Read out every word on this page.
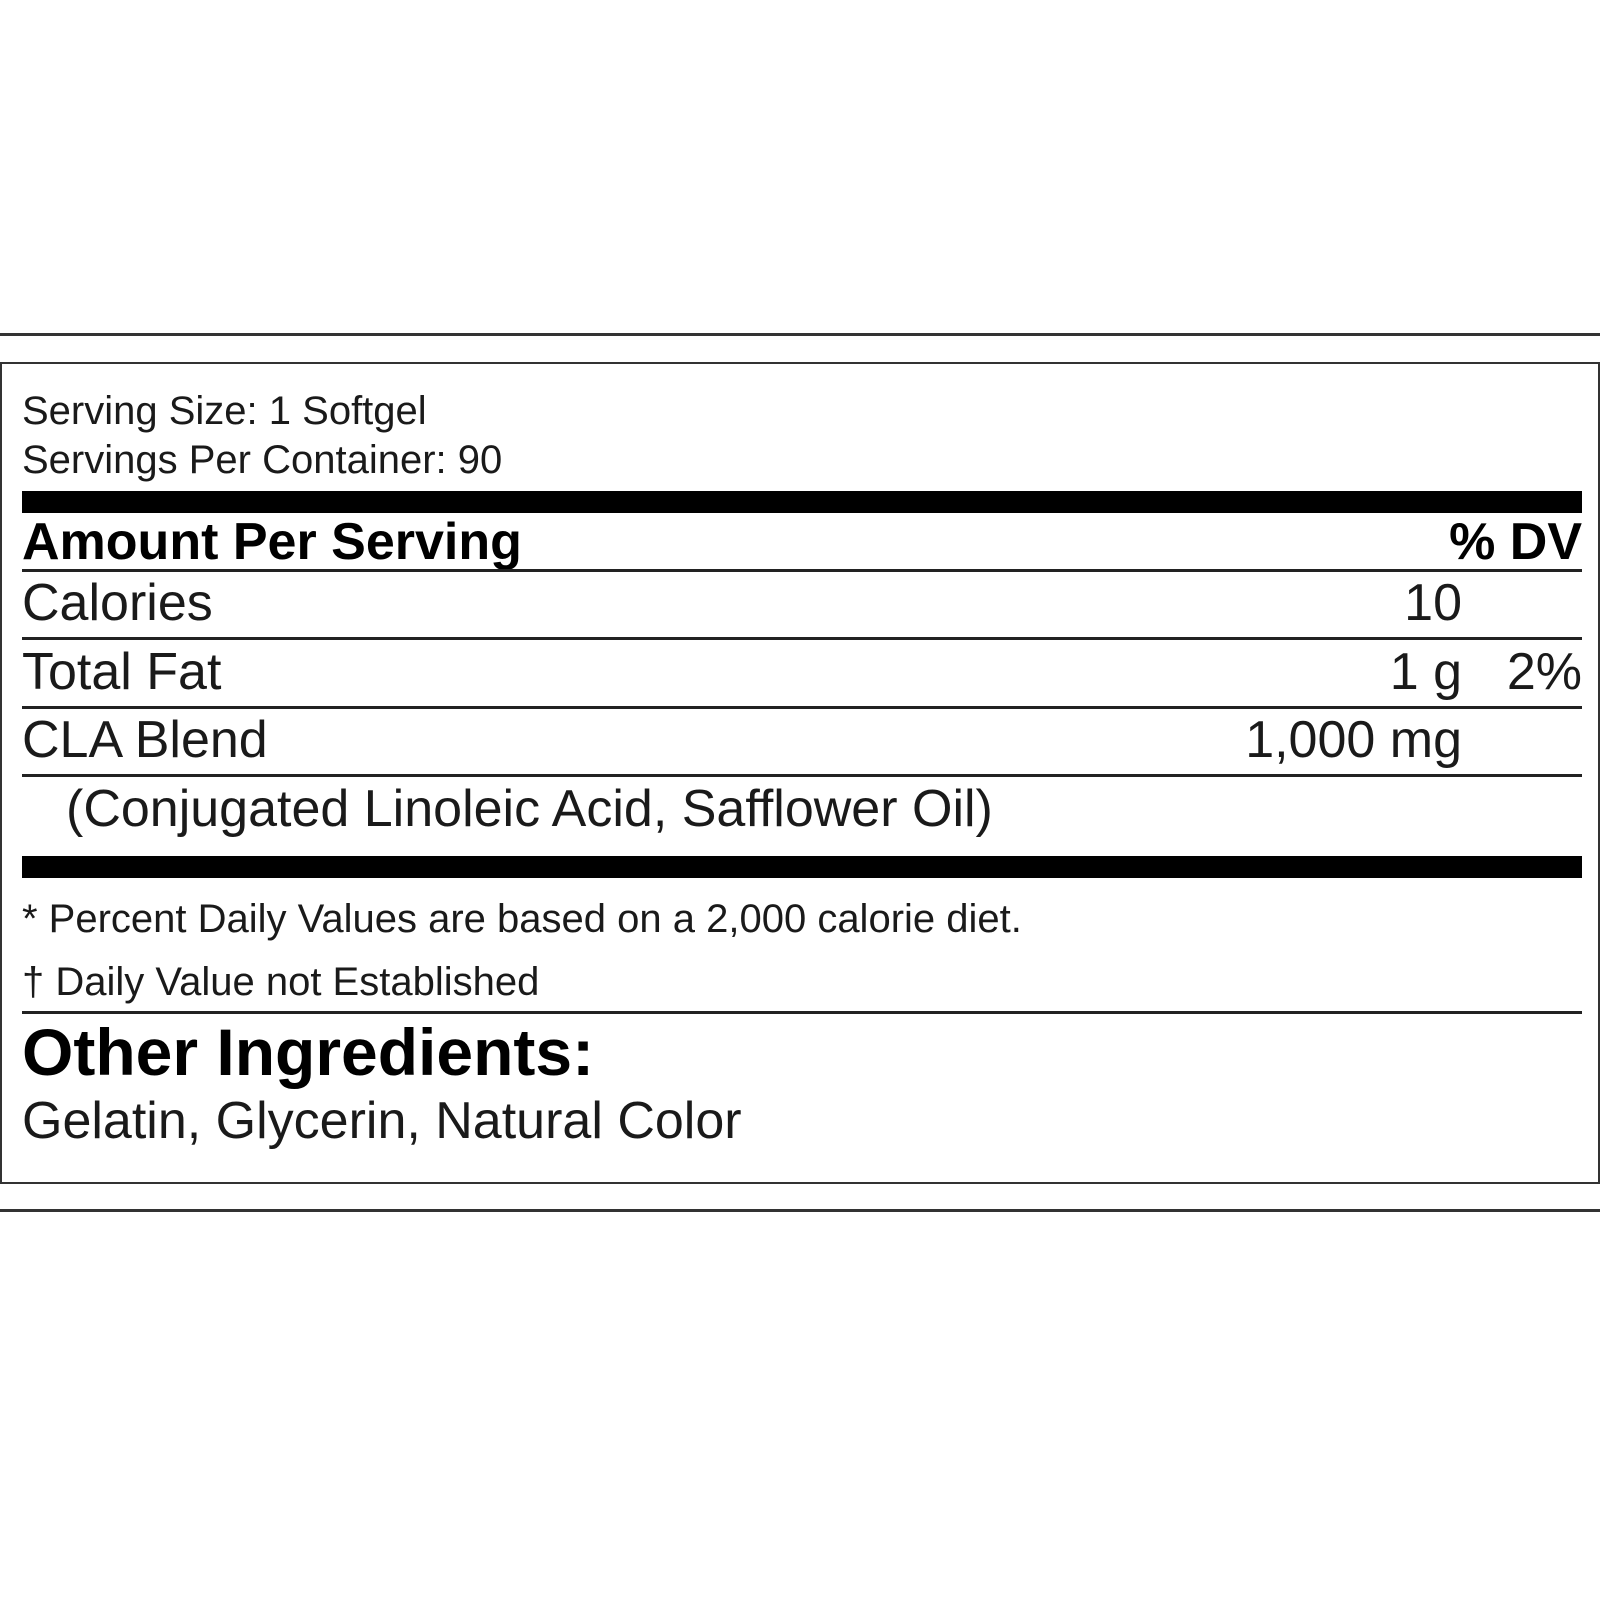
Serving Size: 1 Softgel
Servings Per Container: 90
Amount Per Serving	% DV
Calories	10
Total Fat	1 g 2%
CLA Blend	1,000 mg
(Conjugated Linoleic Acid, Safflower Oil)
* Percent Daily Values are based on a 2,000 calorie diet.
† Daily Value not Established
Other Ingredients:
Gelatin, Glycerin, Natural Color
